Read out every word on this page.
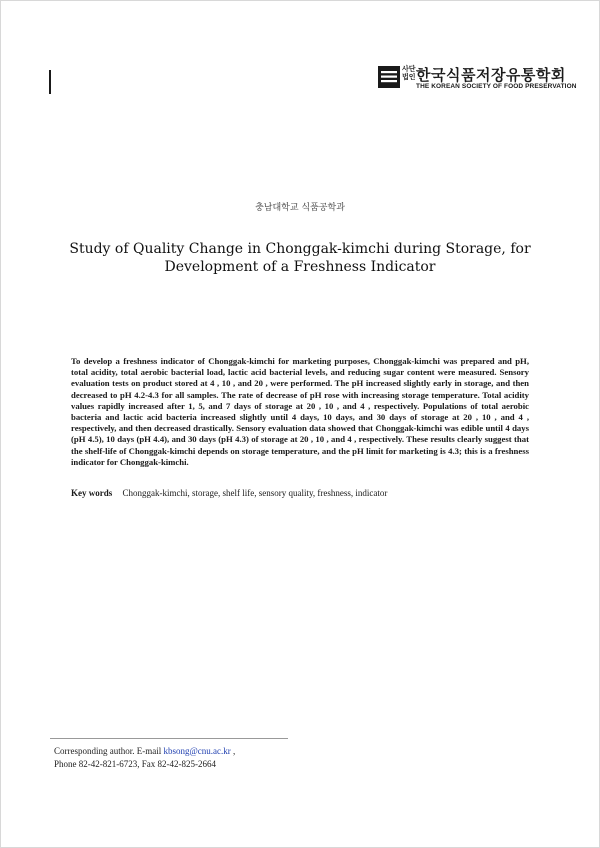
사단
법인 한국식품저장유통학회
THE KOREAN SOCIETY OF FOOD PRESERVATION
충남대학교 식품공학과
Study of Quality Change in Chonggak-kimchi during Storage, for
Development of a Freshness Indicator
To develop a freshness indicator of Chonggak-kimchi for marketing purposes, Chonggak-kimchi was prepared and pH, total acidity, total aerobic bacterial load, lactic acid bacterial levels, and reducing sugar content were measured. Sensory evaluation tests on product stored at 4 , 10 , and 20 , were performed. The pH increased slightly early in storage, and then decreased to pH 4.2-4.3 for all samples. The rate of decrease of pH rose with increasing storage temperature. Total acidity values rapidly increased after 1, 5, and 7 days of storage at 20 , 10 , and 4 , respectively. Populations of total aerobic bacteria and lactic acid bacteria increased slightly until 4 days, 10 days, and 30 days of storage at 20 , 10 , and 4 , respectively, and then decreased drastically. Sensory evaluation data showed that Chonggak-kimchi was edible until 4 days (pH 4.5), 10 days (pH 4.4), and 30 days (pH 4.3) of storage at 20 , 10 , and 4 , respectively. These results clearly suggest that the shelf-life of Chonggak-kimchi depends on storage temperature, and the pH limit for marketing is 4.3; this is a freshness indicator for Chonggak-kimchi.
Key words Chonggak-kimchi, storage, shelf life, sensory quality, freshness, indicator
Corresponding author. E-mail kbsong@cnu.ac.kr ,
Phone 82-42-821-6723, Fax 82-42-825-2664
